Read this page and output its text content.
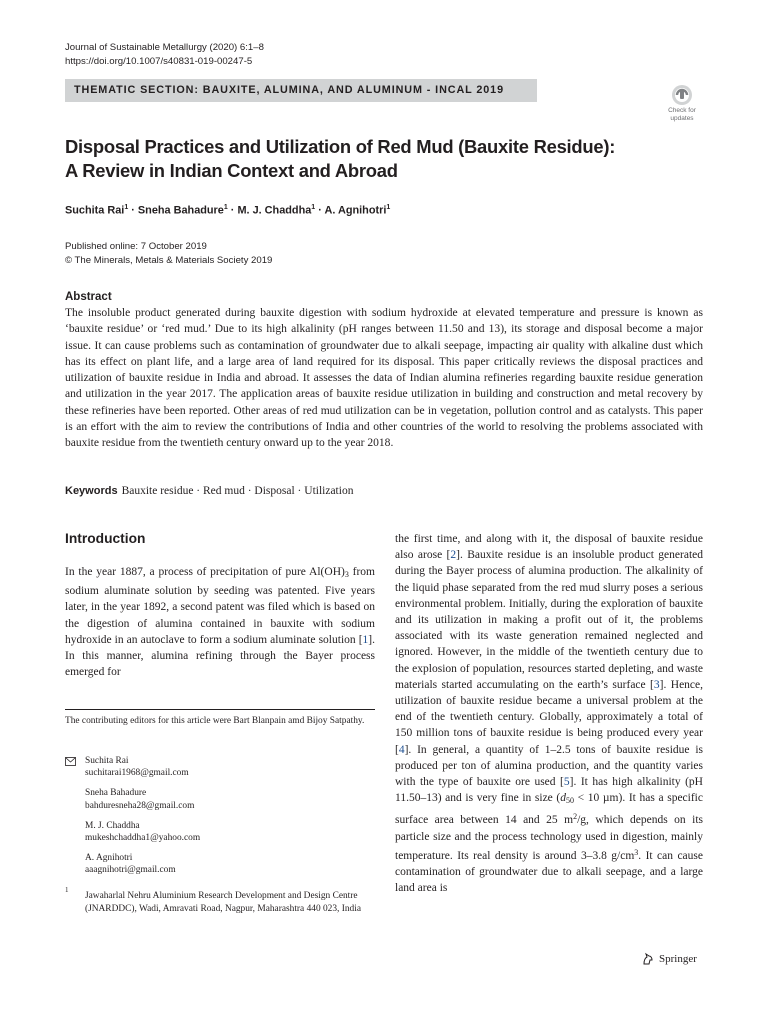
Journal of Sustainable Metallurgy (2020) 6:1–8
https://doi.org/10.1007/s40831-019-00247-5
THEMATIC SECTION: BAUXITE, ALUMINA, AND ALUMINUM - INCAL 2019
Check for
updates
Disposal Practices and Utilization of Red Mud (Bauxite Residue):
A Review in Indian Context and Abroad
Suchita Rai$^1$ · Sneha Bahadure$^1$ · M. J. Chaddha$^1$ · A. Agnihotri$^1$
Published online: 7 October 2019
© The Minerals, Metals & Materials Society 2019
Abstract

The insoluble product generated during bauxite digestion with sodium hydroxide at elevated temperature and pressure is known as ‘bauxite residue’ or ‘red mud.’ Due to its high alkalinity (pH ranges between 11.50 and 13), its storage and disposal become a major issue. It can cause problems such as contamination of groundwater due to alkali seepage, impacting air quality with alkaline dust which has its effect on plant life, and a large area of land required for its disposal. This paper critically reviews the disposal practices and utilization of bauxite residue in India and abroad. It assesses the data of Indian alumina refineries regarding bauxite residue generation and utilization in the year 2017. The application areas of bauxite residue utilization in building and construction and metal recovery by these refineries have been reported. Other areas of red mud utilization can be in vegetation, pollution control and as catalysts. This paper is an effort with the aim to review the contributions of India and other countries of the world to resolving the problems associated with bauxite residue from the twentieth century onward up to the year 2018.

Keywords Bauxite residue · Red mud · Disposal · Utilization
Introduction

In the year 1887, a process of precipitation of pure $Al(OH)_3$ from sodium aluminate solution by seeding was patented. Five years later, in the year 1892, a second patent was filed which is based on the digestion of alumina contained in bauxite with sodium hydroxide in an autoclave to form a sodium aluminate solution [1]. In this manner, alumina refining through the Bayer process emerged for

the first time, and along with it, the disposal of bauxite residue also arose [2]. Bauxite residue is an insoluble product generated during the Bayer process of alumina production. The alkalinity of the liquid phase separated from the red mud slurry poses a serious environmental problem. Initially, during the exploration of bauxite and its utilization in making a profit out of it, the problems associated with its waste generation remained neglected and ignored. However, in the middle of the twentieth century due to the explosion of population, resources started depleting, and waste materials started accumulating on the earth’s surface [3]. Hence, utilization of bauxite residue became a universal problem at the end of the twentieth century. Globally, approximately a total of 150 million tons of bauxite residue is being produced every year [4]. In general, a quantity of 1–2.5 tons of bauxite residue is produced per ton of alumina production, and the quantity varies with the type of bauxite ore used [5]. It has high alkalinity (pH 11.50–13) and is very fine in size ($d_{50} < 10$ µm). It has a specific surface area between 14 and 25 $m^2/g$, which depends on its particle size and the process technology used in digestion, mainly temperature. Its real density is around 3–3.8 $g/cm^3$. It can cause contamination of groundwater due to alkali seepage, and a large land area is

The contributing editors for this article were Bart Blanpain amd Bijoy Satpathy.
Suchita Rai
suchitarai1968@gmail.com
Sneha Bahadure
bahduresneha28@gmail.com
M. J. Chaddha
mukeshchaddha1@yahoo.com
A. Agnihotri
aaagnihotri@gmail.com
1
Jawaharlal Nehru Aluminium Research Development and Design Centre (JNARDDC), Wadi, Amravati Road, Nagpur, Maharashtra 440 023, India
Springer
